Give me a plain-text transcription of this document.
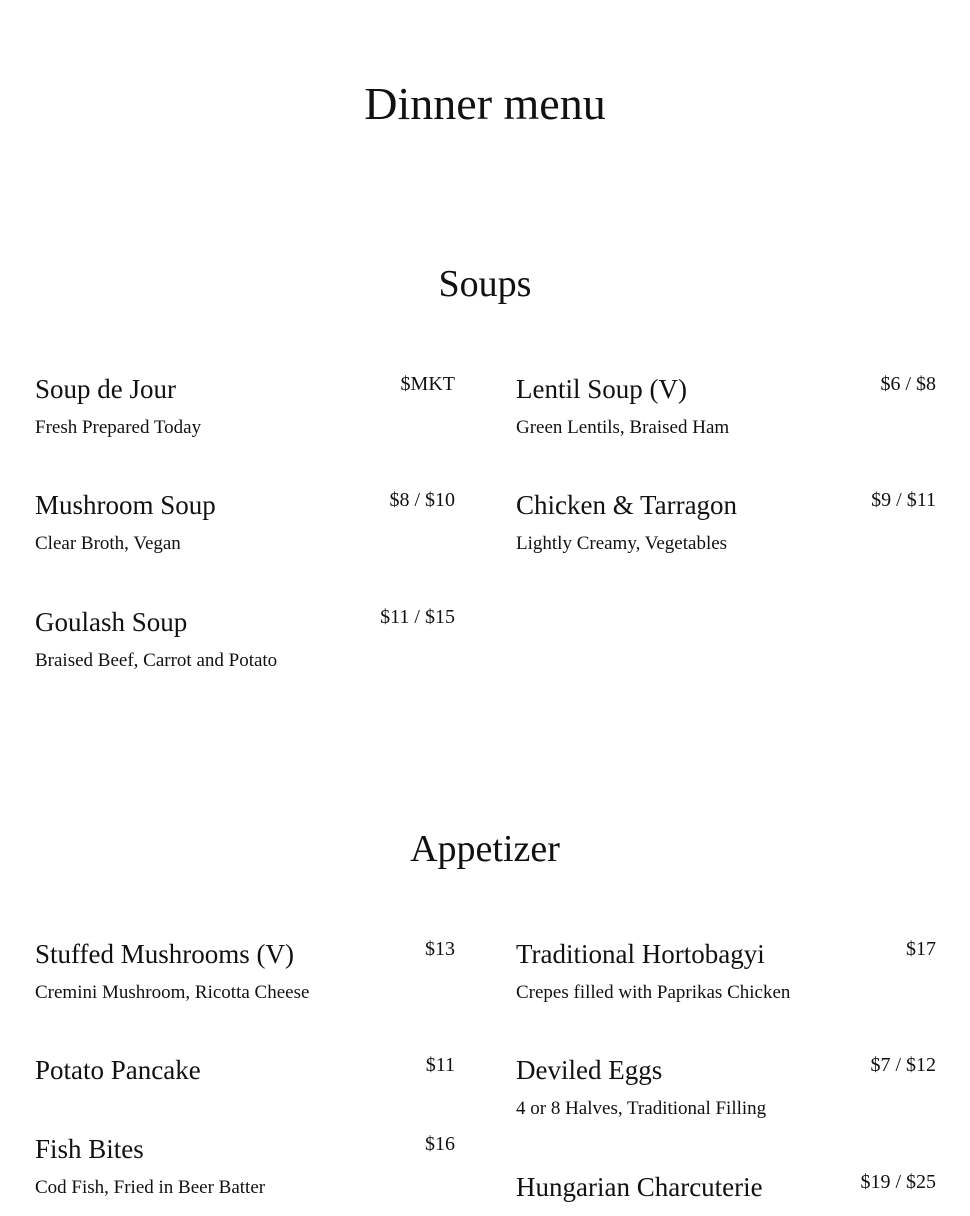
Dinner menu
Soups
Soup de Jour	$MKT
Fresh Prepared Today
Lentil Soup (V)	$6 / $8
Green Lentils, Braised Ham
Mushroom Soup	$8 / $10
Clear Broth, Vegan
Chicken & Tarragon	$9 / $11
Lightly Creamy, Vegetables
Goulash Soup	$11 / $15
Braised Beef, Carrot and Potato
Appetizer
Stuffed Mushrooms (V)	$13
Cremini Mushroom, Ricotta Cheese
Traditional Hortobagyi	$17
Crepes filled with Paprikas Chicken
Potato Pancake	$11 Deviled Eggs	$7 / $12
4 or 8 Halves, Traditional Filling
Fish Bites	$16
Cod Fish, Fried in Beer Batter	Hungarian Charcuterie	$19 / $25
